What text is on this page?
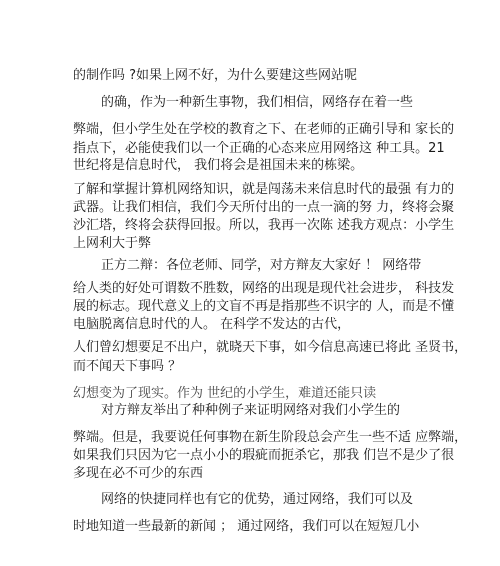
的制作吗 ?如果上网不好，为什么要建这些网站呢
的确，作为一种新生事物，我们相信，网络存在着一些
弊端，但小学生处在学校的教育之下、在老师的正确引导和 家长的
指点下，必能使我们以一个正确的心态来应用网络这 种工具。21
世纪将是信息时代， 我们将会是祖国未来的栋梁。
了解和掌握计算机网络知识，就是闯荡未来信息时代的最强 有力的
武器。让我们相信，我们今天所付出的一点一滴的努 力，终将会聚
沙汇塔，终将会获得回报。所以，我再一次陈 述我方观点：小学生
上网利大于弊
正方二辩：各位老师、同学，对方辩友大家好 ！ 网络带
给人类的好处可谓数不胜数，网络的出现是现代社会进步， 科技发
展的标志。现代意义上的文盲不再是指那些不识字的 人，而是不懂
电脑脱离信息时代的人。 在科学不发达的古代，
人们曾幻想要足不出户，就晓天下事，如今信息高速已将此 圣贤书，
而不闻天下事吗 ？
幻想变为了现实。作为 世纪的小学生，难道还能只读
对方辩友举出了种种例子来证明网络对我们小学生的
弊端。但是，我要说任何事物在新生阶段总会产生一些不适 应弊端，
如果我们只因为它一点小小的瑕疵而扼杀它，那我 们岂不是少了很
多现在必不可少的东西
网络的快捷同样也有它的优势，通过网络，我们可以及
时地知道一些最新的新闻 ； 通过网络，我们可以在短短几小
